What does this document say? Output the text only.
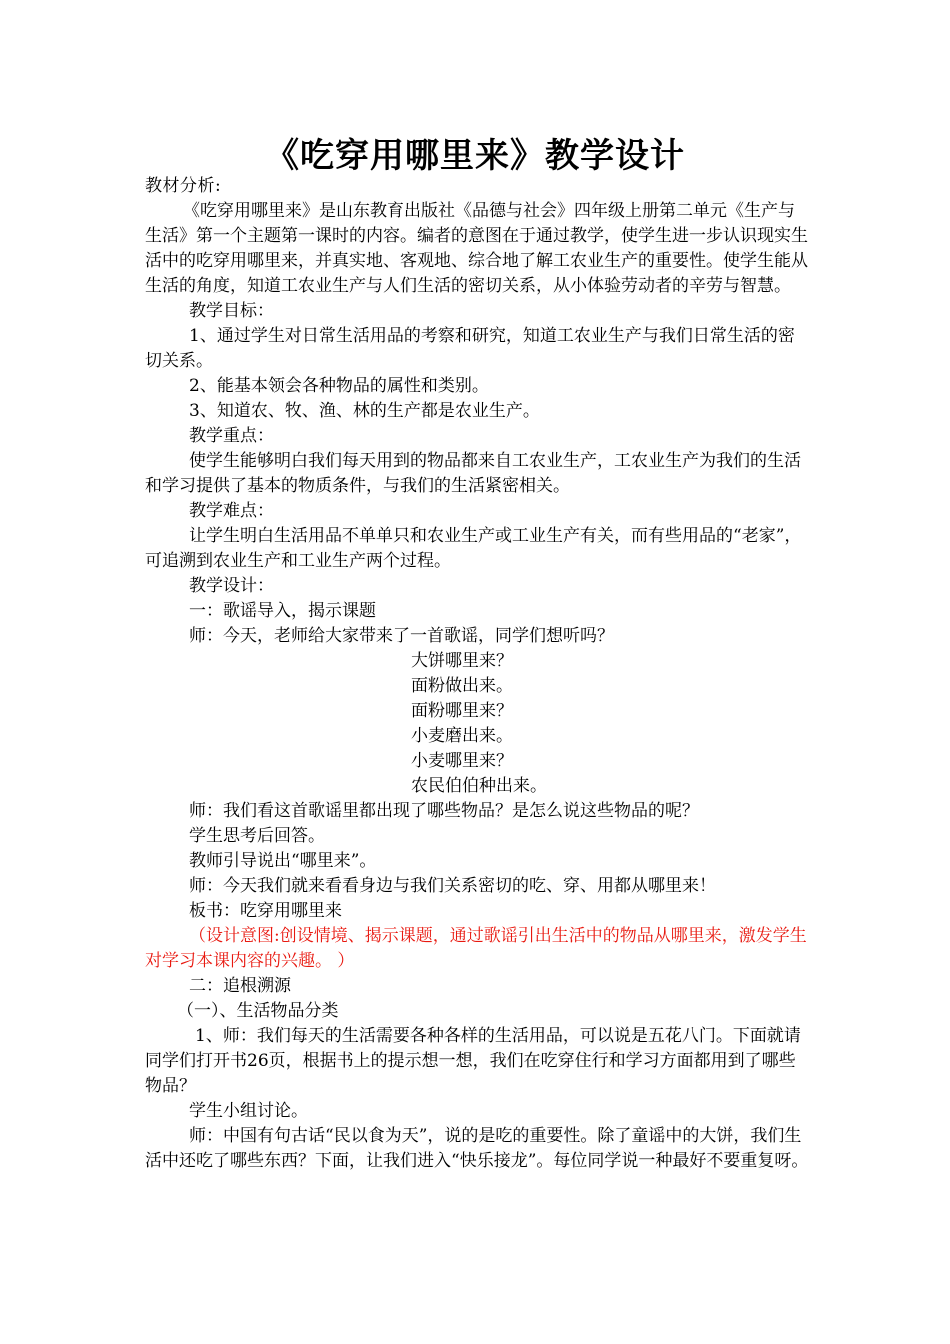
《吃穿用哪里来》教学设计

教材分析:

《吃穿用哪里来》是山东教育出版社《品德与社会》四年级上册第二单元《生产与生活》第一个主题第一课时的内容。编者的意图在于通过教学，使学生进一步认识现实生活中的吃穿用哪里来，并真实地、客观地、综合地了解工农业生产的重要性。使学生能从生活的角度，知道工农业生产与人们生活的密切关系，从小体验劳动者的辛劳与智慧。

教学目标：

1、通过学生对日常生活用品的考察和研究，知道工农业生产与我们日常生活的密切关系。

2、能基本领会各种物品的属性和类别。

3、知道农、牧、渔、林的生产都是农业生产。

教学重点：

使学生能够明白我们每天用到的物品都来自工农业生产，工农业生产为我们的生活和学习提供了基本的物质条件，与我们的生活紧密相关。

教学难点：

让学生明白生活用品不单单只和农业生产或工业生产有关，而有些用品的“老家”，可追溯到农业生产和工业生产两个过程。

教学设计：

一：歌谣导入，揭示课题

师：今天，老师给大家带来了一首歌谣，同学们想听吗？

大饼哪里来？

面粉做出来。

面粉哪里来？

小麦磨出来。

小麦哪里来？

农民伯伯种出来。

师：我们看这首歌谣里都出现了哪些物品？是怎么说这些物品的呢？

学生思考后回答。

教师引导说出“哪里来”。

师：今天我们就来看看身边与我们关系密切的吃、穿、用都从哪里来！

板书：吃穿用哪里来

（设计意图:创设情境、揭示课题，通过歌谣引出生活中的物品从哪里来，激发学生对学习本课内容的兴趣。 ）

二：追根溯源

（一）、生活物品分类

1、师：我们每天的生活需要各种各样的生活用品，可以说是五花八门。下面就请同学们打开书26页，根据书上的提示想一想，我们在吃穿住行和学习方面都用到了哪些物品？

学生小组讨论。

师：中国有句古话“民以食为天”，说的是吃的重要性。除了童谣中的大饼，我们生活中还吃了哪些东西？下面，让我们进入“快乐接龙”。每位同学说一种最好不要重复呀。
